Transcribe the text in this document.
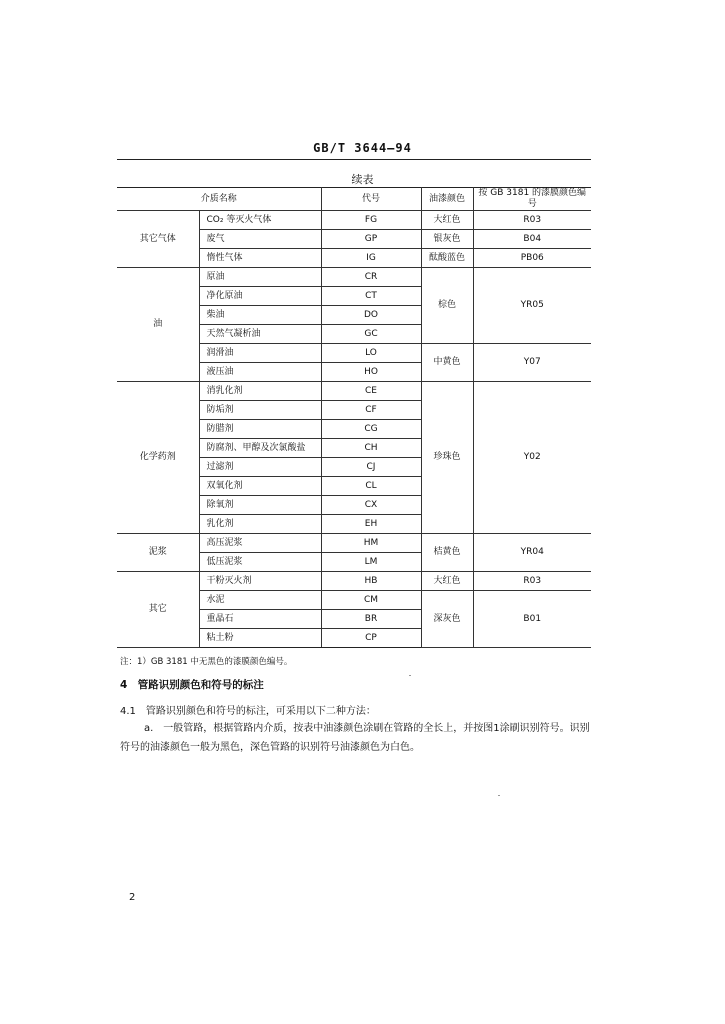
GB/T 3644—94
续表
介质名称		代号	油漆颜色	按 GB 3181 的漆膜颜色编号
其它气体	CO₂ 等灭火气体	FG	大红色	R03
	废气	GP	银灰色	B04
	惰性气体	IG	酞酸蓝色	PB06
油	原油	CR	棕色	YR05
	净化原油	CT		
	柴油	DO		
	天然气凝析油	GC		
	润滑油	LO	中黄色	Y07
	液压油	HO		
化学药剂	消乳化剂	CE	珍珠色	Y02
	防垢剂	CF		
	防腊剂	CG		
	防腐剂、甲醇及次氯酸盐	CH		
	过滤剂	CJ		
	双氧化剂	CL		
	除氧剂	CX		
	乳化剂	EH		
泥浆	高压泥浆	HM	桔黄色	YR04
	低压泥浆	LM		
其它	干粉灭火剂	HB	大红色	R03
	水泥	CM	深灰色	B01
	重晶石	BR		
	粘土粉	CP		
注：1）GB 3181 中无黑色的漆膜颜色编号。
4　管路识别颜色和符号的标注
4.1　管路识别颜色和符号的标注，可采用以下二种方法：
a.　一般管路，根据管路内介质，按表中油漆颜色涂刷在管路的全长上，并按图1涂刷识别符号。识别符号的油漆颜色一般为黑色，深色管路的识别符号油漆颜色为白色。
2
